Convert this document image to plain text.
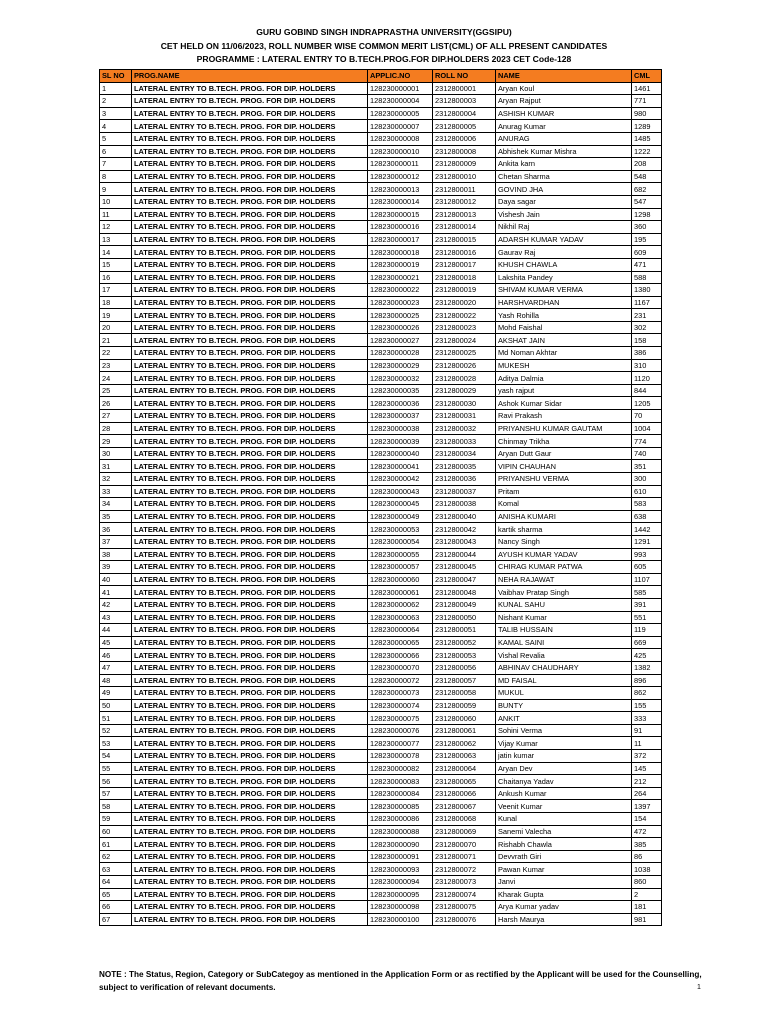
GURU GOBIND SINGH INDRAPRASTHA UNIVERSITY(GGSIPU)
CET HELD ON 11/06/2023, ROLL NUMBER WISE COMMON MERIT LIST(CML) OF ALL PRESENT CANDIDATES
PROGRAMME : LATERAL ENTRY TO B.TECH.PROG.FOR DIP.HOLDERS 2023 CET Code-128
SL NO	PROG.NAME	APPLIC.NO	ROLL NO	NAME	CML
1	LATERAL ENTRY TO B.TECH. PROG. FOR DIP. HOLDERS	128230000001	2312800001	Aryan Koul	1461
2	LATERAL ENTRY TO B.TECH. PROG. FOR DIP. HOLDERS	128230000004	2312800003	Aryan Rajput	771
3	LATERAL ENTRY TO B.TECH. PROG. FOR DIP. HOLDERS	128230000005	2312800004	ASHISH KUMAR	980
4	LATERAL ENTRY TO B.TECH. PROG. FOR DIP. HOLDERS	128230000007	2312800005	Anurag Kumar	1289
5	LATERAL ENTRY TO B.TECH. PROG. FOR DIP. HOLDERS	128230000008	2312800006	ANURAG	1485
6	LATERAL ENTRY TO B.TECH. PROG. FOR DIP. HOLDERS	128230000010	2312800008	Abhishek Kumar Mishra	1222
7	LATERAL ENTRY TO B.TECH. PROG. FOR DIP. HOLDERS	128230000011	2312800009	Ankita karn	208
8	LATERAL ENTRY TO B.TECH. PROG. FOR DIP. HOLDERS	128230000012	2312800010	Chetan Sharma	548
9	LATERAL ENTRY TO B.TECH. PROG. FOR DIP. HOLDERS	128230000013	2312800011	GOVIND JHA	682
10	LATERAL ENTRY TO B.TECH. PROG. FOR DIP. HOLDERS	128230000014	2312800012	Daya sagar	547
11	LATERAL ENTRY TO B.TECH. PROG. FOR DIP. HOLDERS	128230000015	2312800013	Vishesh Jain	1298
12	LATERAL ENTRY TO B.TECH. PROG. FOR DIP. HOLDERS	128230000016	2312800014	Nikhil Raj	360
13	LATERAL ENTRY TO B.TECH. PROG. FOR DIP. HOLDERS	128230000017	2312800015	ADARSH KUMAR YADAV	195
14	LATERAL ENTRY TO B.TECH. PROG. FOR DIP. HOLDERS	128230000018	2312800016	Gaurav Raj	609
15	LATERAL ENTRY TO B.TECH. PROG. FOR DIP. HOLDERS	128230000019	2312800017	KHUSH CHAWLA	471
16	LATERAL ENTRY TO B.TECH. PROG. FOR DIP. HOLDERS	128230000021	2312800018	Lakshita Pandey	588
17	LATERAL ENTRY TO B.TECH. PROG. FOR DIP. HOLDERS	128230000022	2312800019	SHIVAM KUMAR VERMA	1380
18	LATERAL ENTRY TO B.TECH. PROG. FOR DIP. HOLDERS	128230000023	2312800020	HARSHVARDHAN	1167
19	LATERAL ENTRY TO B.TECH. PROG. FOR DIP. HOLDERS	128230000025	2312800022	Yash Rohilla	231
20	LATERAL ENTRY TO B.TECH. PROG. FOR DIP. HOLDERS	128230000026	2312800023	Mohd Faishal	302
21	LATERAL ENTRY TO B.TECH. PROG. FOR DIP. HOLDERS	128230000027	2312800024	AKSHAT JAIN	158
22	LATERAL ENTRY TO B.TECH. PROG. FOR DIP. HOLDERS	128230000028	2312800025	Md Noman Akhtar	386
23	LATERAL ENTRY TO B.TECH. PROG. FOR DIP. HOLDERS	128230000029	2312800026	MUKESH	310
24	LATERAL ENTRY TO B.TECH. PROG. FOR DIP. HOLDERS	128230000032	2312800028	Aditya Dalmia	1120
25	LATERAL ENTRY TO B.TECH. PROG. FOR DIP. HOLDERS	128230000035	2312800029	yash rajput	844
26	LATERAL ENTRY TO B.TECH. PROG. FOR DIP. HOLDERS	128230000036	2312800030	Ashok Kumar Sidar	1205
27	LATERAL ENTRY TO B.TECH. PROG. FOR DIP. HOLDERS	128230000037	2312800031	Ravi Prakash	70
28	LATERAL ENTRY TO B.TECH. PROG. FOR DIP. HOLDERS	128230000038	2312800032	PRIYANSHU KUMAR GAUTAM	1004
29	LATERAL ENTRY TO B.TECH. PROG. FOR DIP. HOLDERS	128230000039	2312800033	Chinmay Trikha	774
30	LATERAL ENTRY TO B.TECH. PROG. FOR DIP. HOLDERS	128230000040	2312800034	Aryan Dutt Gaur	740
31	LATERAL ENTRY TO B.TECH. PROG. FOR DIP. HOLDERS	128230000041	2312800035	VIPIN CHAUHAN	351
32	LATERAL ENTRY TO B.TECH. PROG. FOR DIP. HOLDERS	128230000042	2312800036	PRIYANSHU VERMA	300
33	LATERAL ENTRY TO B.TECH. PROG. FOR DIP. HOLDERS	128230000043	2312800037	Pritam	610
34	LATERAL ENTRY TO B.TECH. PROG. FOR DIP. HOLDERS	128230000045	2312800038	Komal	583
35	LATERAL ENTRY TO B.TECH. PROG. FOR DIP. HOLDERS	128230000049	2312800040	ANISHA KUMARI	638
36	LATERAL ENTRY TO B.TECH. PROG. FOR DIP. HOLDERS	128230000053	2312800042	kartik sharma	1442
37	LATERAL ENTRY TO B.TECH. PROG. FOR DIP. HOLDERS	128230000054	2312800043	Nancy Singh	1291
38	LATERAL ENTRY TO B.TECH. PROG. FOR DIP. HOLDERS	128230000055	2312800044	AYUSH KUMAR YADAV	993
39	LATERAL ENTRY TO B.TECH. PROG. FOR DIP. HOLDERS	128230000057	2312800045	CHIRAG KUMAR PATWA	605
40	LATERAL ENTRY TO B.TECH. PROG. FOR DIP. HOLDERS	128230000060	2312800047	NEHA RAJAWAT	1107
41	LATERAL ENTRY TO B.TECH. PROG. FOR DIP. HOLDERS	128230000061	2312800048	Vaibhav Pratap Singh	585
42	LATERAL ENTRY TO B.TECH. PROG. FOR DIP. HOLDERS	128230000062	2312800049	KUNAL SAHU	391
43	LATERAL ENTRY TO B.TECH. PROG. FOR DIP. HOLDERS	128230000063	2312800050	Nishant Kumar	551
44	LATERAL ENTRY TO B.TECH. PROG. FOR DIP. HOLDERS	128230000064	2312800051	TALIB HUSSAIN	119
45	LATERAL ENTRY TO B.TECH. PROG. FOR DIP. HOLDERS	128230000065	2312800052	KAMAL SAINI	669
46	LATERAL ENTRY TO B.TECH. PROG. FOR DIP. HOLDERS	128230000066	2312800053	Vishal Revalia	425
47	LATERAL ENTRY TO B.TECH. PROG. FOR DIP. HOLDERS	128230000070	2312800056	ABHINAV CHAUDHARY	1382
48	LATERAL ENTRY TO B.TECH. PROG. FOR DIP. HOLDERS	128230000072	2312800057	MD FAISAL	896
49	LATERAL ENTRY TO B.TECH. PROG. FOR DIP. HOLDERS	128230000073	2312800058	MUKUL	862
50	LATERAL ENTRY TO B.TECH. PROG. FOR DIP. HOLDERS	128230000074	2312800059	BUNTY	155
51	LATERAL ENTRY TO B.TECH. PROG. FOR DIP. HOLDERS	128230000075	2312800060	ANKIT	333
52	LATERAL ENTRY TO B.TECH. PROG. FOR DIP. HOLDERS	128230000076	2312800061	Sohini Verma	91
53	LATERAL ENTRY TO B.TECH. PROG. FOR DIP. HOLDERS	128230000077	2312800062	Vijay Kumar	11
54	LATERAL ENTRY TO B.TECH. PROG. FOR DIP. HOLDERS	128230000078	2312800063	jatin kumar	372
55	LATERAL ENTRY TO B.TECH. PROG. FOR DIP. HOLDERS	128230000082	2312800064	Aryan Dev	145
56	LATERAL ENTRY TO B.TECH. PROG. FOR DIP. HOLDERS	128230000083	2312800065	Chaitanya Yadav	212
57	LATERAL ENTRY TO B.TECH. PROG. FOR DIP. HOLDERS	128230000084	2312800066	Ankush Kumar	264
58	LATERAL ENTRY TO B.TECH. PROG. FOR DIP. HOLDERS	128230000085	2312800067	Veenit Kumar	1397
59	LATERAL ENTRY TO B.TECH. PROG. FOR DIP. HOLDERS	128230000086	2312800068	Kunal	154
60	LATERAL ENTRY TO B.TECH. PROG. FOR DIP. HOLDERS	128230000088	2312800069	Sanemi Valecha	472
61	LATERAL ENTRY TO B.TECH. PROG. FOR DIP. HOLDERS	128230000090	2312800070	Rishabh Chawla	385
62	LATERAL ENTRY TO B.TECH. PROG. FOR DIP. HOLDERS	128230000091	2312800071	Devvrath Giri	86
63	LATERAL ENTRY TO B.TECH. PROG. FOR DIP. HOLDERS	128230000093	2312800072	Pawan Kumar	1038
64	LATERAL ENTRY TO B.TECH. PROG. FOR DIP. HOLDERS	128230000094	2312800073	Janvi	860
65	LATERAL ENTRY TO B.TECH. PROG. FOR DIP. HOLDERS	128230000095	2312800074	Kharak Gupta	2
66	LATERAL ENTRY TO B.TECH. PROG. FOR DIP. HOLDERS	128230000098	2312800075	Arya Kumar yadav	181
67	LATERAL ENTRY TO B.TECH. PROG. FOR DIP. HOLDERS	128230000100	2312800076	Harsh Maurya	981
NOTE : The Status, Region, Category or SubCategoy as mentioned in the Application Form or as rectified by the Applicant will be used for the Counselling, subject to verification of relevant documents.	1
